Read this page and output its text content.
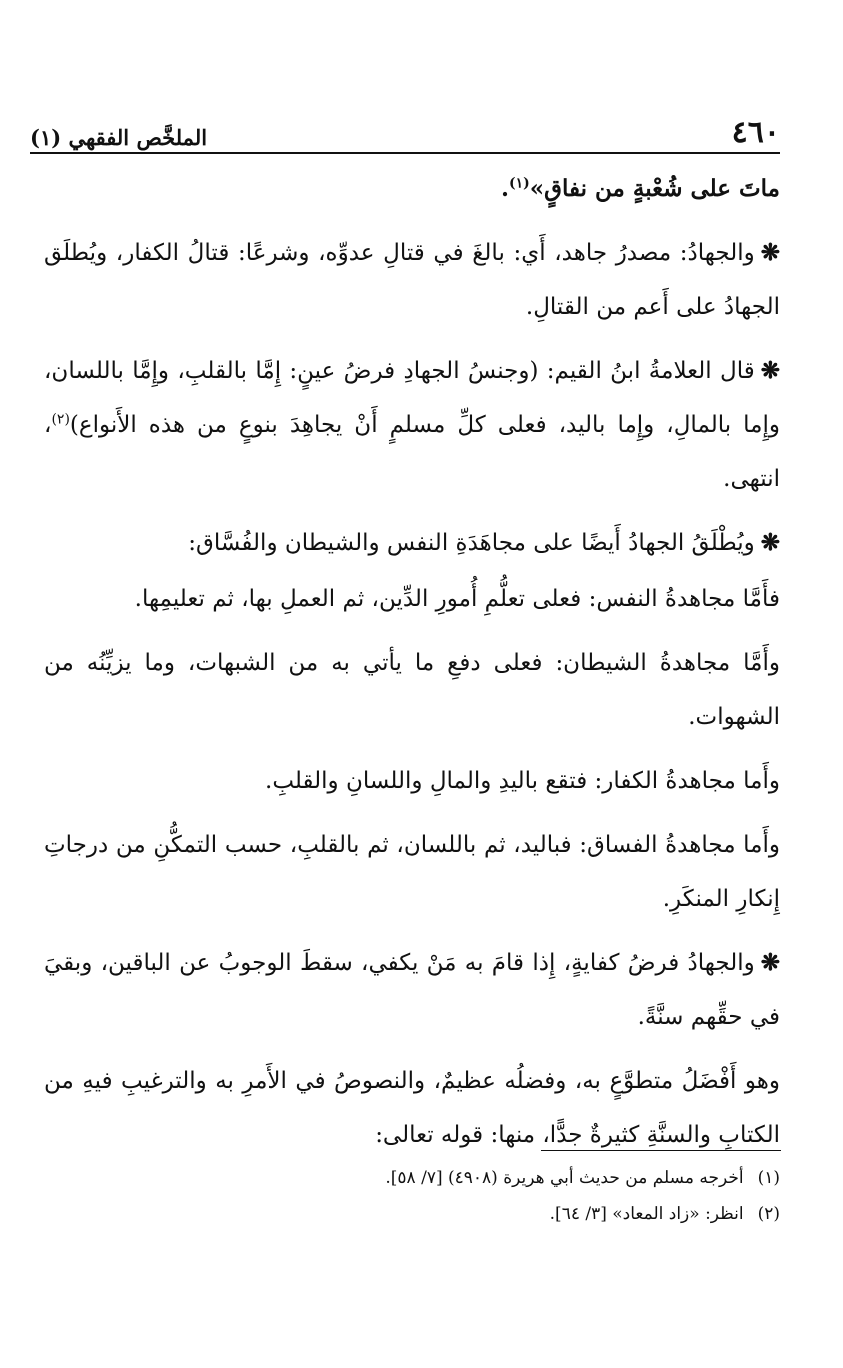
٤٦٠
الملخَّص الفقهي (١)

ماتَ على شُعْبةٍ من نفاقٍ»$^{(١)}$.

❋والجهادُ: مصدرُ جاهد، أَي: بالغَ في قتالِ عدوِّه، وشرعًا: قتالُ الكفار، ويُطلَق الجهادُ على أَعم من القتالِ.

❋قال العلامةُ ابنُ القيم: (وجنسُ الجهادِ فرضُ عينٍ: إِمَّا بالقلبِ، وإِمَّا باللسان، وإِما بالمالِ، وإِما باليد، فعلى كلِّ مسلمٍ أَنْ يجاهِدَ بنوعٍ من هذه الأَنواع)$^{(٢)}$، انتهى.

❋ويُطْلَقُ الجهادُ أَيضًا على مجاهَدَةِ النفس والشيطان والفُسَّاق:

فأَمَّا مجاهدةُ النفس: فعلى تعلُّمِ أُمورِ الدِّين، ثم العملِ بها، ثم تعليمِها.

وأَمَّا مجاهدةُ الشيطان: فعلى دفعِ ما يأتي به من الشبهات، وما يزيِّنُه من الشهوات.

وأَما مجاهدةُ الكفار: فتقع باليدِ والمالِ واللسانِ والقلبِ.

وأَما مجاهدةُ الفساق: فباليد، ثم باللسان، ثم بالقلبِ، حسب التمكُّنِ من درجاتِ إِنكارِ المنكَرِ.

❋والجهادُ فرضُ كفايةٍ، إِذا قامَ به مَنْ يكفي، سقطَ الوجوبُ عن الباقين، وبقيَ في حقِّهم سنَّةً.

وهو أَفْضَلُ متطوَّعٍ به، وفضلُه عظيمٌ، والنصوصُ في الأَمرِ به والترغيبِ فيهِ من الكتابِ والسنَّةِ كثيرةٌ جدًّا، منها: قوله تعالى:

(١)أخرجه مسلم من حديث أبي هريرة (٤٩٠٨) [٧/ ٥٨].

(٢)انظر: «زاد المعاد» [٣/ ٦٤].
